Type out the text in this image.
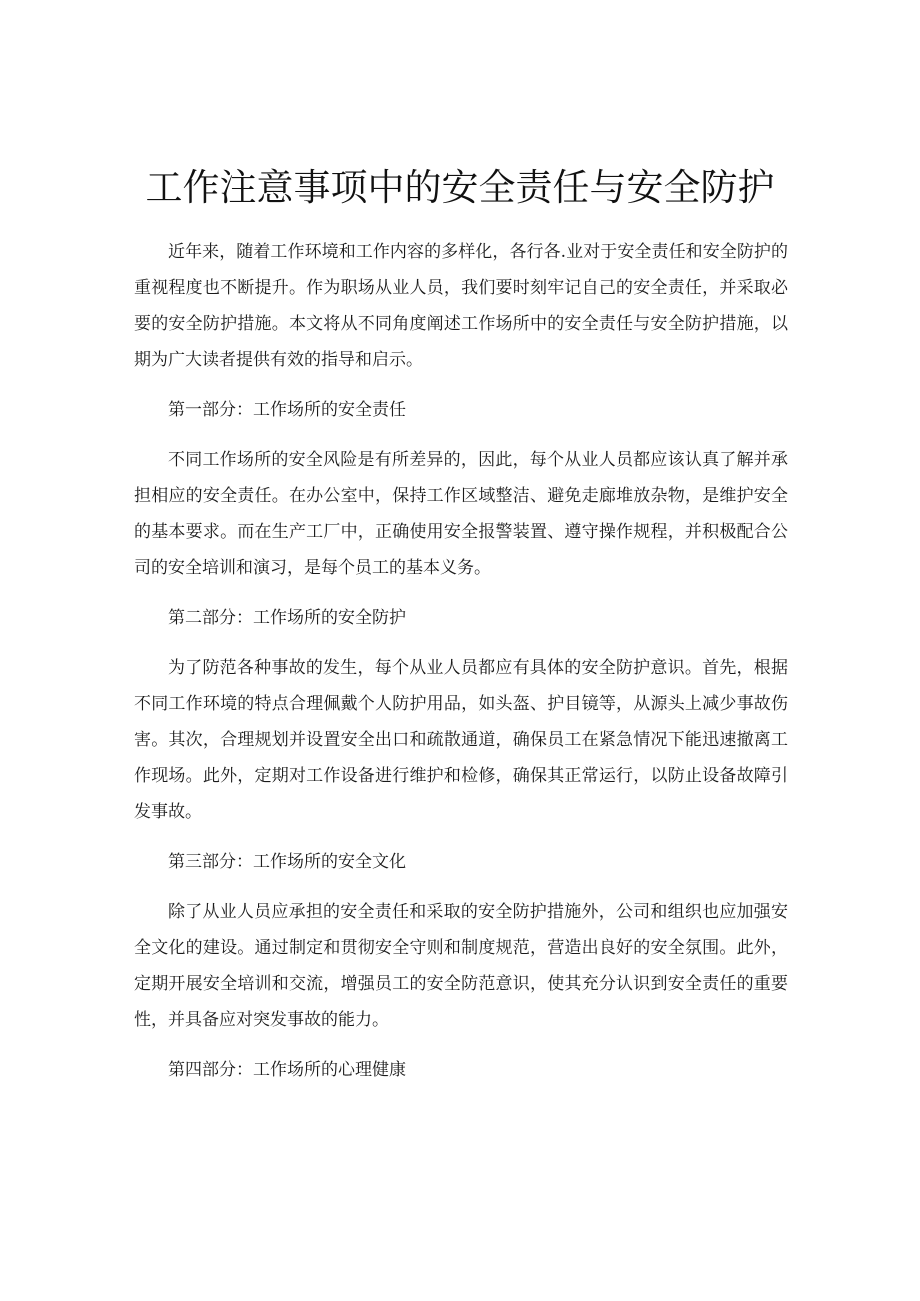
工作注意事项中的安全责任与安全防护

近年来，随着工作环境和工作内容的多样化，各行各.业对于安全责任和安全防护的重视程度也不断提升。作为职场从业人员，我们要时刻牢记自己的安全责任，并采取必要的安全防护措施。本文将从不同角度阐述工作场所中的安全责任与安全防护措施，以期为广大读者提供有效的指导和启示。

第一部分：工作场所的安全责任

不同工作场所的安全风险是有所差异的，因此，每个从业人员都应该认真了解并承担相应的安全责任。在办公室中，保持工作区域整洁、避免走廊堆放杂物，是维护安全的基本要求。而在生产工厂中，正确使用安全报警装置、遵守操作规程，并积极配合公司的安全培训和演习，是每个员工的基本义务。

第二部分：工作场所的安全防护

为了防范各种事故的发生，每个从业人员都应有具体的安全防护意识。首先，根据不同工作环境的特点合理佩戴个人防护用品，如头盔、护目镜等，从源头上减少事故伤害。其次，合理规划并设置安全出口和疏散通道，确保员工在紧急情况下能迅速撤离工作现场。此外，定期对工作设备进行维护和检修，确保其正常运行，以防止设备故障引发事故。

第三部分：工作场所的安全文化

除了从业人员应承担的安全责任和采取的安全防护措施外，公司和组织也应加强安全文化的建设。通过制定和贯彻安全守则和制度规范，营造出良好的安全氛围。此外，定期开展安全培训和交流，增强员工的安全防范意识，使其充分认识到安全责任的重要性，并具备应对突发事故的能力。

第四部分：工作场所的心理健康
